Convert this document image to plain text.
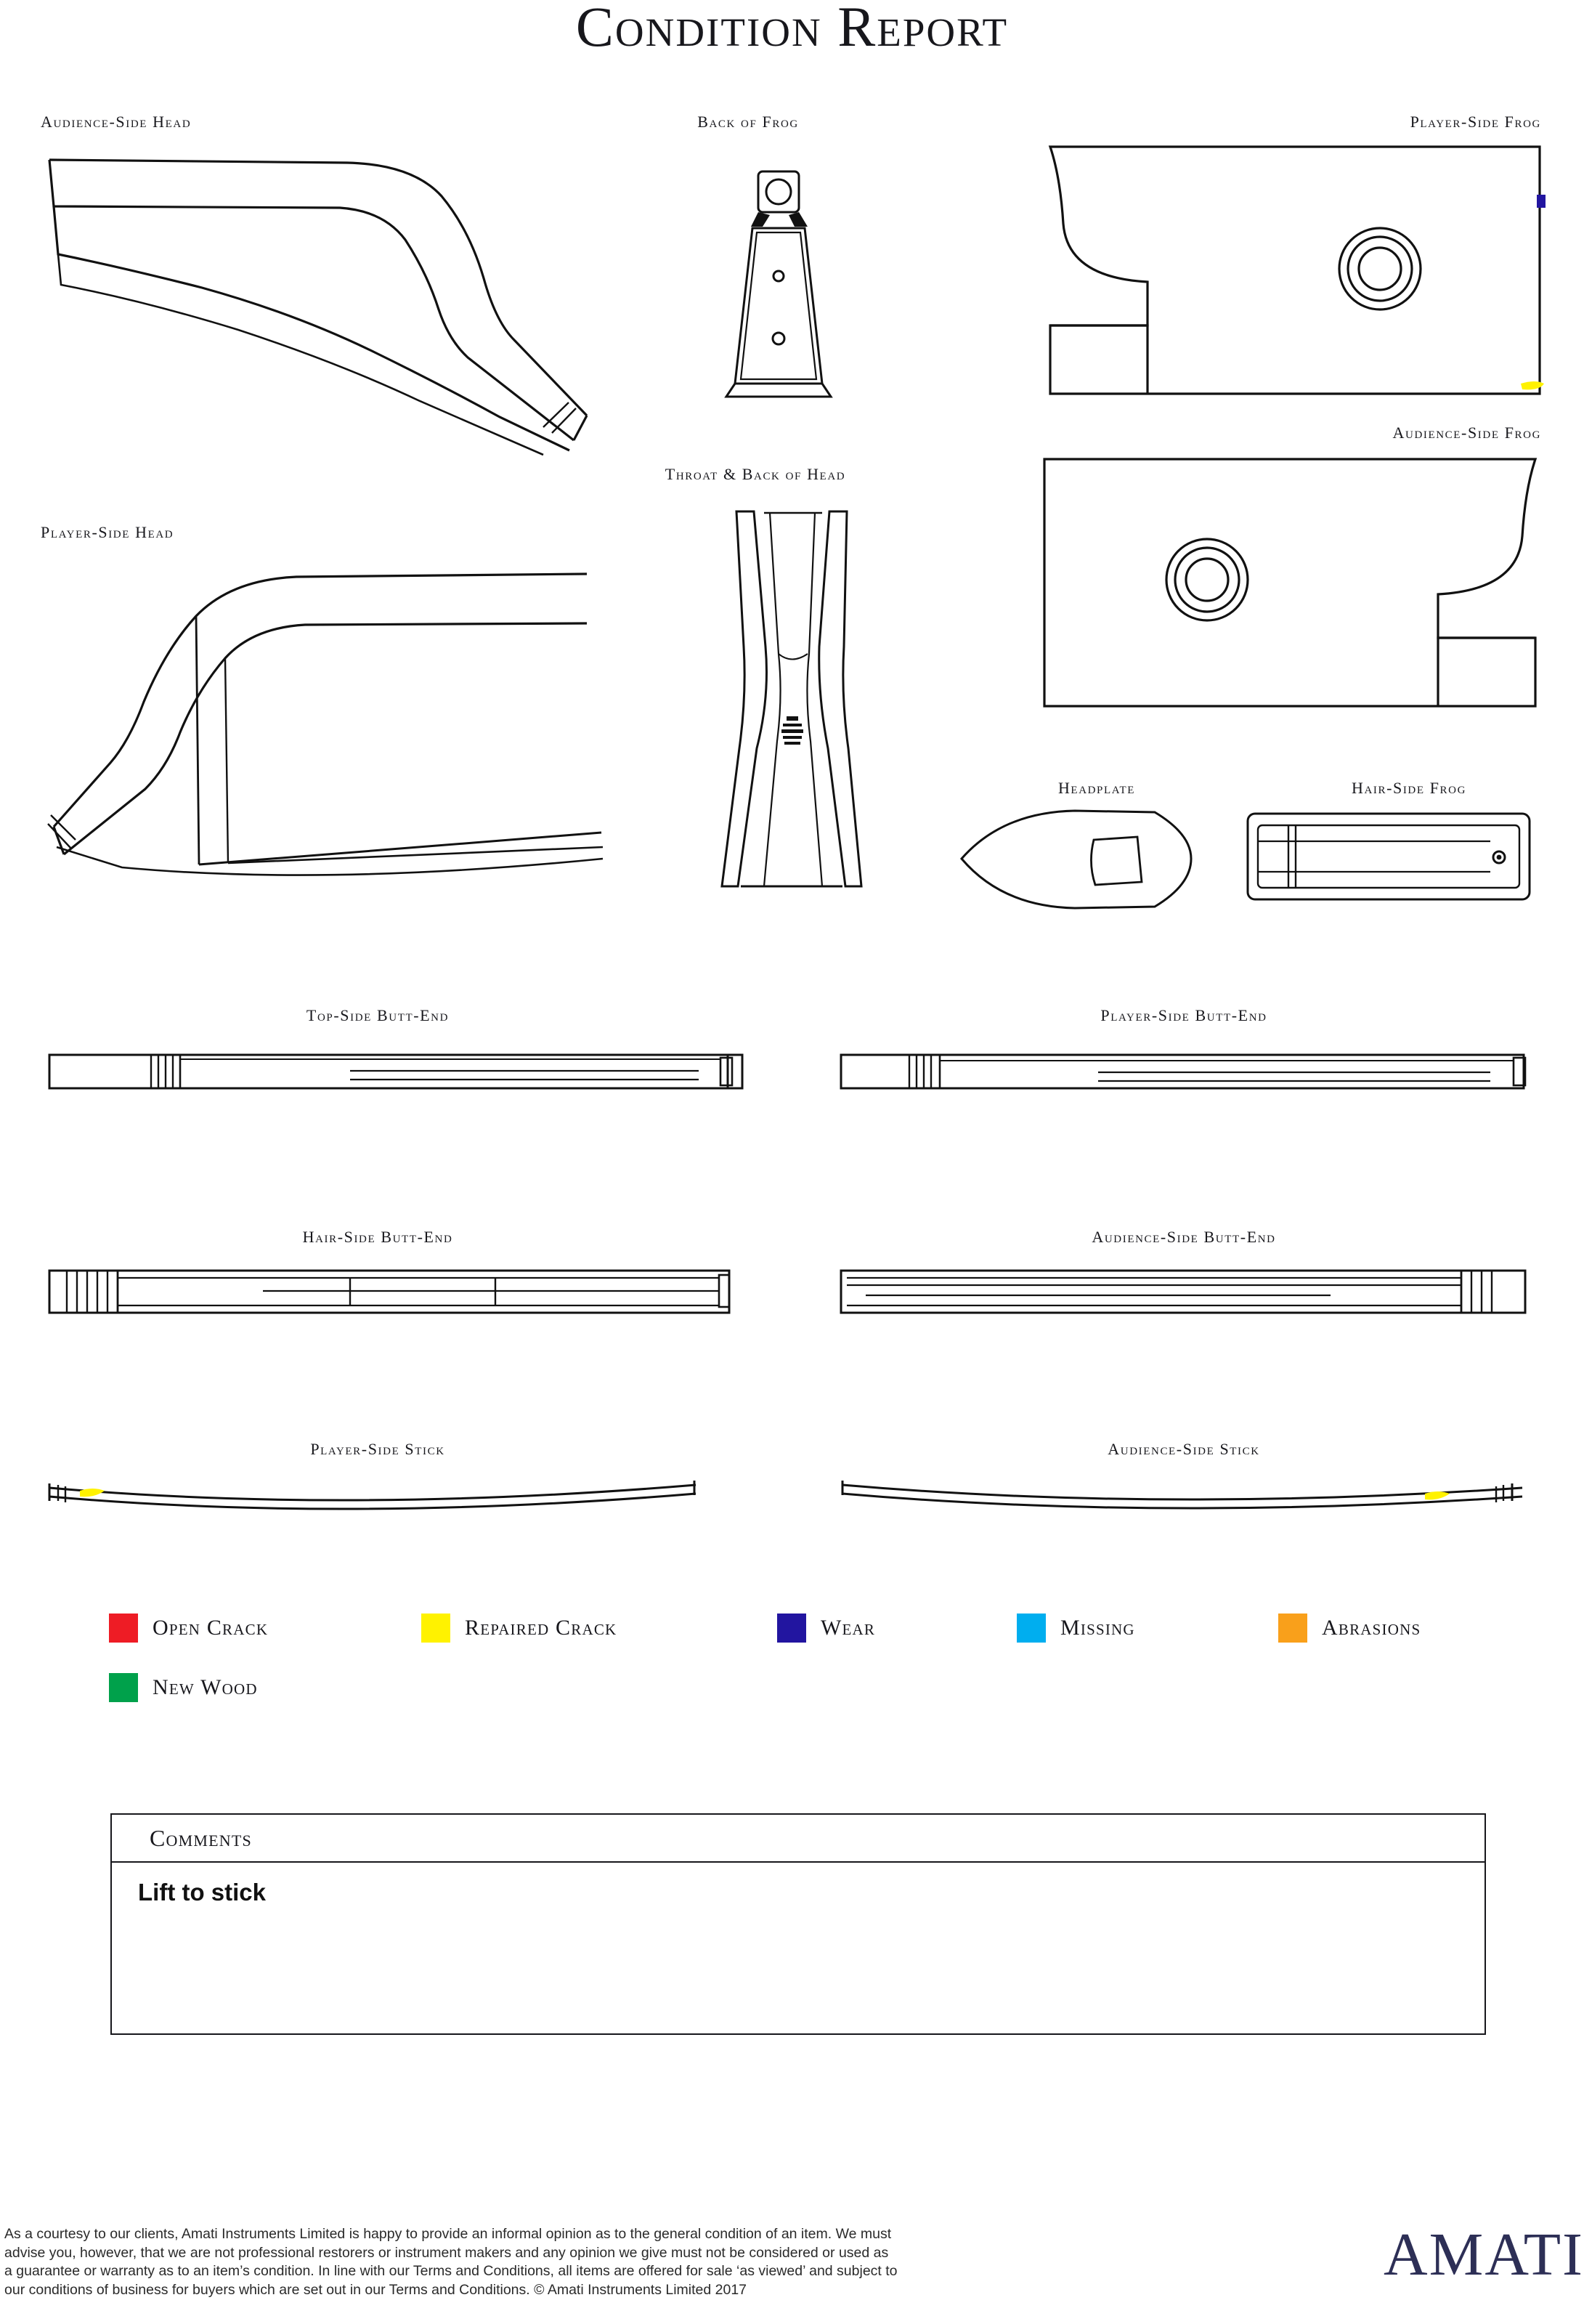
Condition Report
Audience-Side Head	Back of Frog	Player-Side Frog
Audience-Side Frog
Throat & Back of Head
Player-Side Head
Headplate	Hair-Side Frog
Top-Side Butt-End	Player-Side Butt-End
Hair-Side Butt-End	Audience-Side Butt-End
Player-Side Stick	Audience-Side Stick
Open Crack	Repaired Crack	Wear	Missing	Abrasions
New Wood
Comments
Lift to stick

As a courtesy to our clients, Amati Instruments Limited is happy to provide an informal opinion as to the general condition of an item. We must

advise you, however, that we are not professional restorers or instrument makers and any opinion we give must not be considered or used as

a guarantee or warranty as to an item’s condition. In line with our Terms and Conditions, all items are offered for sale ‘as viewed’ and subject to

our conditions of business for buyers which are set out in our Terms and Conditions. © Amati Instruments Limited 2017

AMATI
